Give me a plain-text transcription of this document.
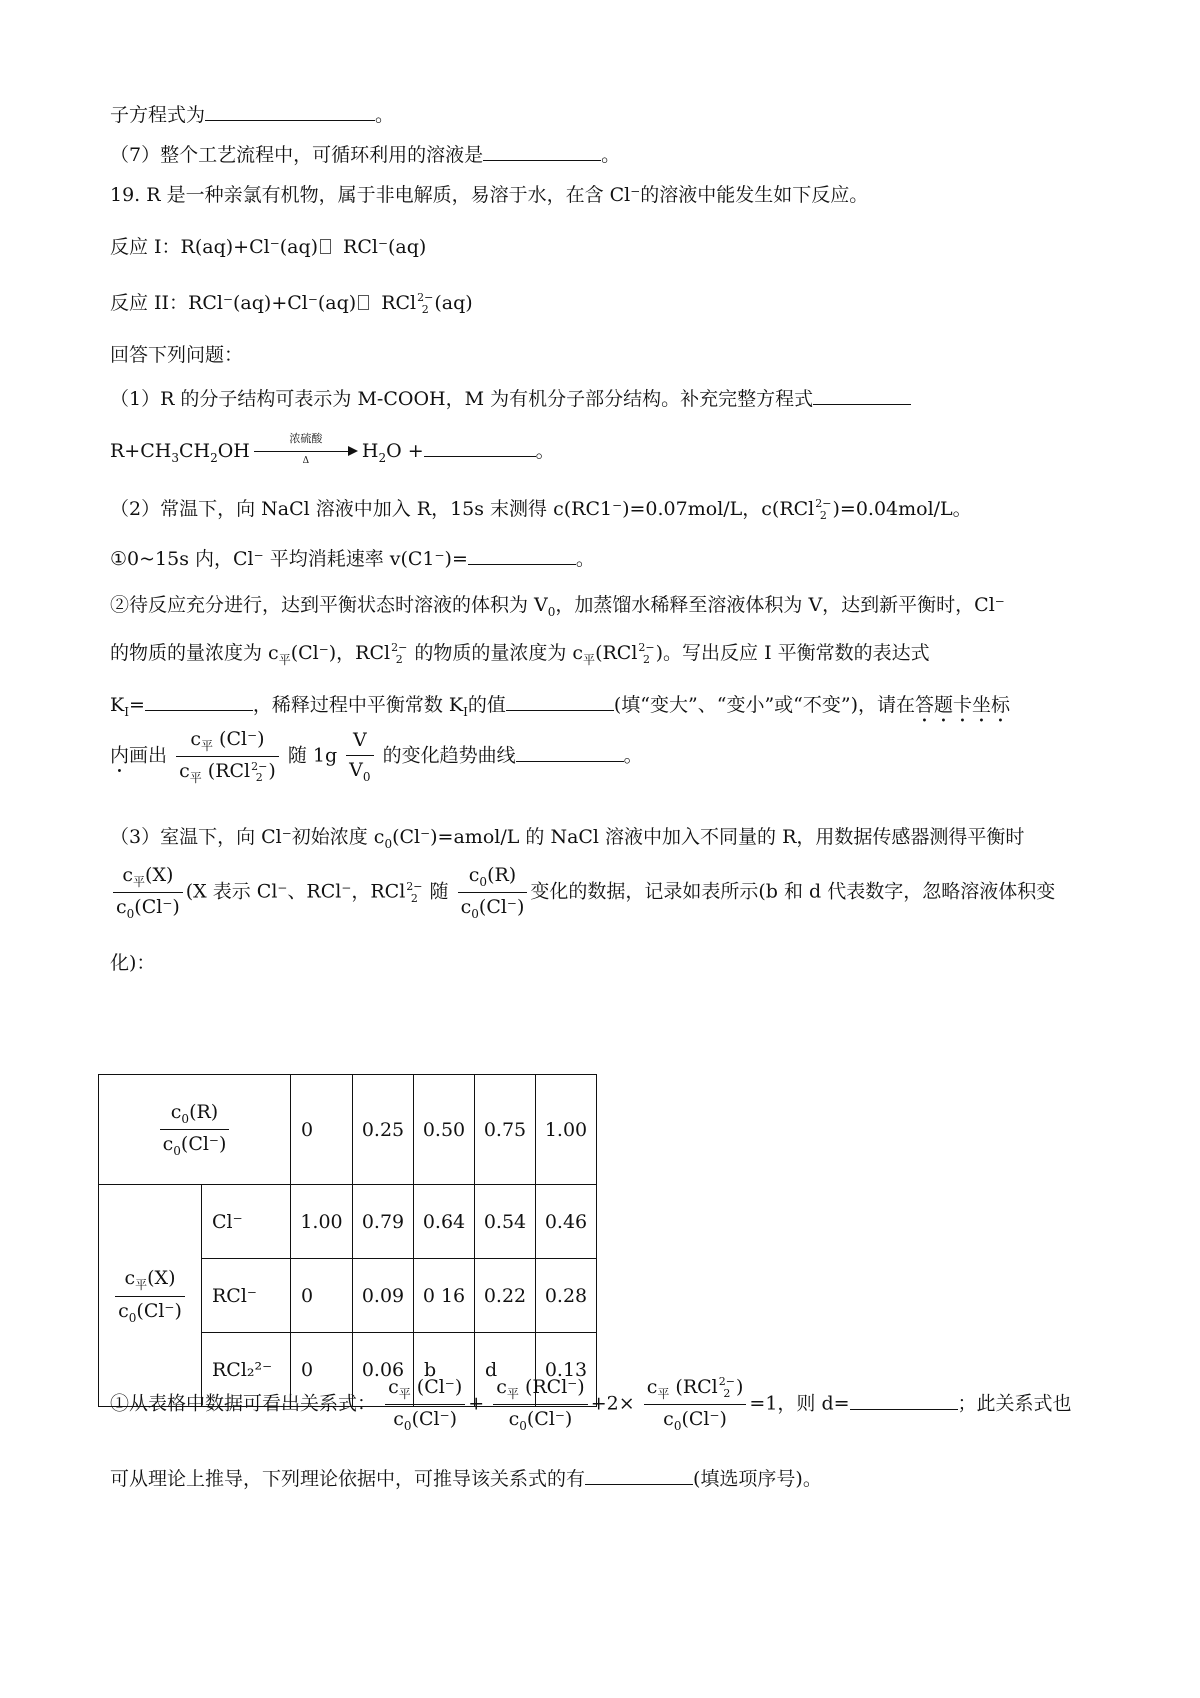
子方程式为	。
（7）整个工艺流程中，可循环利用的溶液是	。
19. R 是一种亲氯有机物，属于非电解质，易溶于水，在含 Cl⁻的溶液中能发生如下反应。
反应 I：R(aq)+Cl⁻(aq) RCl⁻(aq)
反应 II：RCl⁻(aq)+Cl⁻(aq) RCl 2−
2 (aq)
回答下列问题：
（1）R 的分子结构可表示为 M-COOH，M 为有机分子部分结构。补充完整方程式
$R+CH_3CH_2OH$
浓硫酸
Δ	$H_2O$ +	。
（2）常温下，向 NaCl 溶液中加入 R，15s 末测得 c(RC1⁻)=0.07mol/L，c(RCl 2−
2 )=0.04mol/L。
①0~15s 内，Cl⁻ 平均消耗速率 v(C1⁻)=	。
②待反应充分进行，达到平衡状态时溶液的体积为 $V_0$，加蒸馏水稀释至溶液体积为 V，达到新平衡时，Cl⁻
的物质的量浓度为 $c_平(Cl^-)$，RCl 2−
2 的物质的量浓度为 $c_平(RCl$ 2−
2 )。写出反应 I 平衡常数的表达式
$K_I=$	，稀释过程中平衡常数 $K_I$的值	(填“变大”、“变小”或“不变”)，请在答题卡坐标
内画出 $c_平$ (Cl⁻)
$c_平$ (RCl 2−
2 ) 随 $1g \frac{V}{V_0}$ 的变化趋势曲线	。
（3）室温下，向 Cl⁻初始浓度 $c_0(Cl^-)=amol/L$ 的 NaCl 溶液中加入不同量的 R，用数据传感器测得平衡时
$\frac{c_平(X)}{c_0(Cl^-)} (X$ 表示 Cl⁻、RCl⁻，RCl 2−
2 随 $\frac{c_0(R)}{c_0(Cl^-)}$ 变化的数据，记录如表所示(b 和 d 代表数字，忽略溶液体积变
化)：
$\frac{c_0(R)}{c_0(Cl^-)}$		0	0.25	0.50	0.75	1.00

$\frac{c_平(X)}{c_0(Cl^-)}$	Cl⁻	1.00	0.79	0.64	0.54	0.46
	RCl⁻	0	0.09	0 16	0.22	0.28
	RCl₂²⁻	0	0.06	b	d	0.13
①从表格中数据可看出关系式： $\frac{c_平 (Cl^-)}{c_0(Cl^-)} + \frac{c_平 (RCl^-)}{c_0(Cl^-)} +2\times c_平$ (RCl 2−
2 )
$c_0(Cl^-) =1$，则 d=	；此关系式也
可从理论上推导，下列理论依据中，可推导该关系式的有	(填选项序号)。
